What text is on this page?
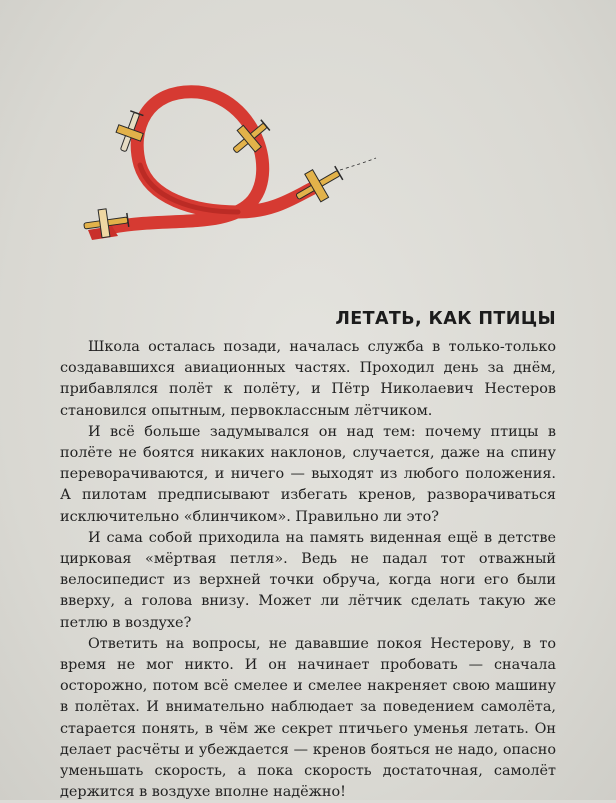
ЛЕТАТЬ, КАК ПТИЦЫ

Школа осталась позади, началась служба в только-только создававшихся авиационных частях. Проходил день за днём, прибавлялся полёт к полёту, и Пётр Николаевич Нестеров становился опытным, первоклассным лётчиком.

И всё больше задумывался он над тем: почему птицы в полёте не боятся никаких наклонов, случается, даже на спину переворачиваются, и ничего — выходят из любого положения. А пилотам предписывают избегать кренов, разворачиваться исключительно «блинчиком». Правильно ли это?

И сама собой приходила на память виденная ещё в детстве цирковая «мёртвая петля». Ведь не падал тот отважный велосипедист из верхней точки обруча, когда ноги его были вверху, а голова внизу. Может ли лётчик сделать такую же петлю в воздухе?

Ответить на вопросы, не дававшие покоя Нестерову, в то время не мог никто. И он начинает пробовать — сначала осторожно, потом всё смелее и смелее накреняет свою машину в полётах. И внимательно наблюдает за поведением самолёта, старается понять, в чём же секрет птичьего уменья летать. Он делает расчёты и убеждается — кренов бояться не надо, опасно уменьшать скорость, а пока скорость достаточная, самолёт держится в воздухе вполне надёжно!
